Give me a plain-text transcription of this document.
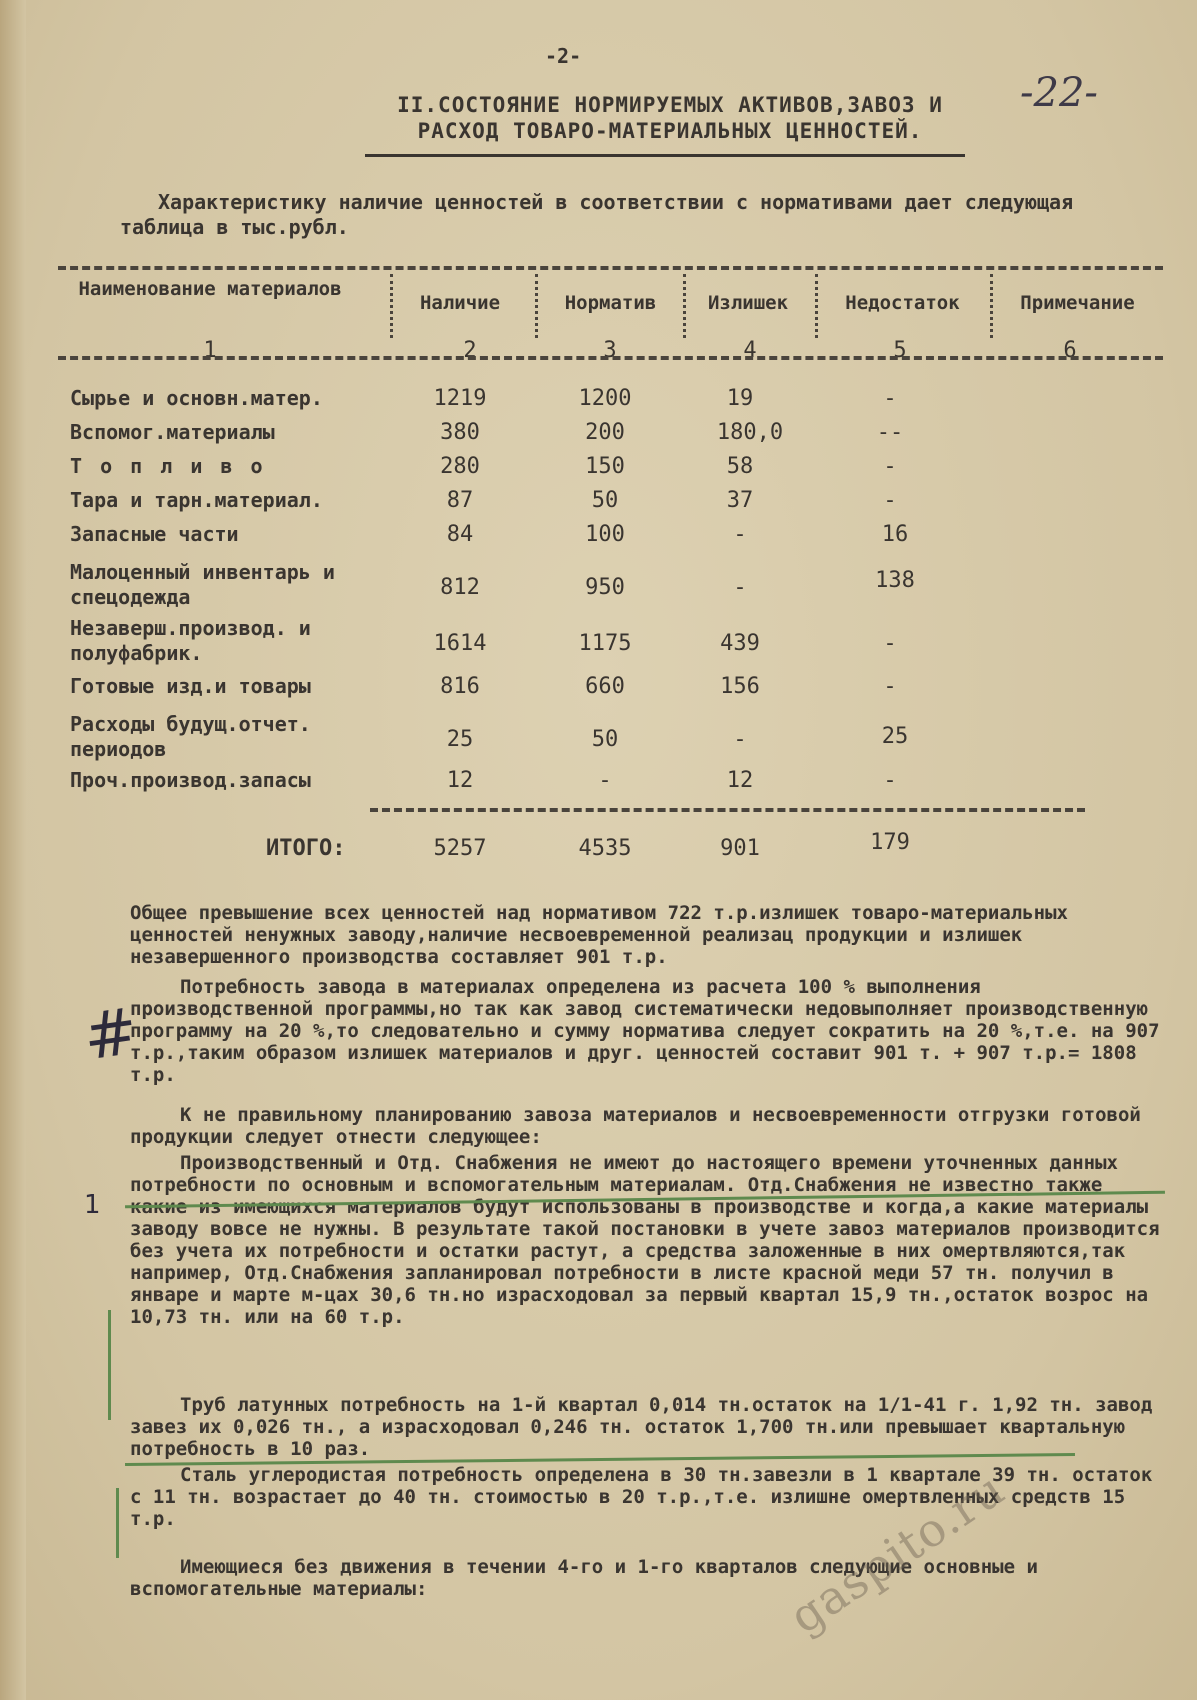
-2-
-22-
II.СОСТОЯНИЕ НОРМИРУЕМЫХ АКТИВОВ,ЗАВОЗ И
РАСХОД ТОВАРО-МАТЕРИАЛЬНЫХ ЦЕННОСТЕЙ.
Характеристику наличие ценностей в соответствии с нормативами дает следующая таблица в тыс.рубл.
Наименование материалов
Наличие	Норматив	Излишек	Недостаток	Примечание
1	2	3	4	5	6
Сырье и основн.матер.	1219	1200	19	-
Вспомог.материалы	380	200	180,0	--
Т о п л и в о	280	150	58	-
Тара и тарн.материал.	87	50	37	-
Запасные части	84	100	-	16
Малоценный инвентарь и спецодежда	812	950	-	138
Незаверш.производ. и полуфабрик.	1614	1175	439	-
Готовые изд.и товары	816	660	156	-
Расходы будущ.отчет. периодов	25	50	-	25
Проч.производ.запасы	12	-	12	-
ИТОГО:	5257	4535	901	179
Общее превышение всех ценностей над нормативом 722 т.р.излишек товаро-материальных ценностей ненужных заводу,наличие несвоевременной реализац продукции и излишек незавершенного производства составляет 901 т.р.
Потребность завода в материалах определена из расчета 100 % выполнения производственной программы,но так как завод систематически недовыполняет производственную программу на 20 %,то следовательно и сумму норматива следует сократить на 20 %,т.е. на 907 т.р.,таким образом излишек материалов и друг. ценностей составит 901 т. + 907 т.р.= 1808 т.р.
К не правильному планированию завоза материалов и несвоевременности отгрузки готовой продукции следует отнести следующее:
Производственный и Отд. Снабжения не имеют до настоящего времени уточненных данных потребности по основным и вспомогательным материалам. Отд.Снабжения не известно также какие из имеющихся материалов будут использованы в производстве и когда,а какие материалы заводу вовсе не нужны. В результате такой постановки в учете завоз материалов производится без учета их потребности и остатки растут, а средства заложенные в них омертвляются,так например, Отд.Снабжения запланировал потребности в листе красной меди 57 тн. получил в январе и марте м-цах 30,6 тн.но израсходовал за первый квартал 15,9 тн.,остаток возрос на 10,73 тн. или на 60 т.р.
Труб латунных потребность на 1-й квартал 0,014 тн.остаток на 1/1-41 г. 1,92 тн. завод завез их 0,026 тн., а израсходовал 0,246 тн. остаток 1,700 тн.или превышает квартальную потребность в 10 раз.
Сталь углеродистая потребность определена в 30 тн.завезли в 1 квартале 39 тн. остаток с 11 тн. возрастает до 40 тн. стоимостью в 20 т.р.,т.е. излишне омертвленных средств 15 т.р.
Имеющиеся без движения в течении 4-го и 1-го кварталов следующие основные и вспомогательные материалы:
#
1
gaspito.ru
